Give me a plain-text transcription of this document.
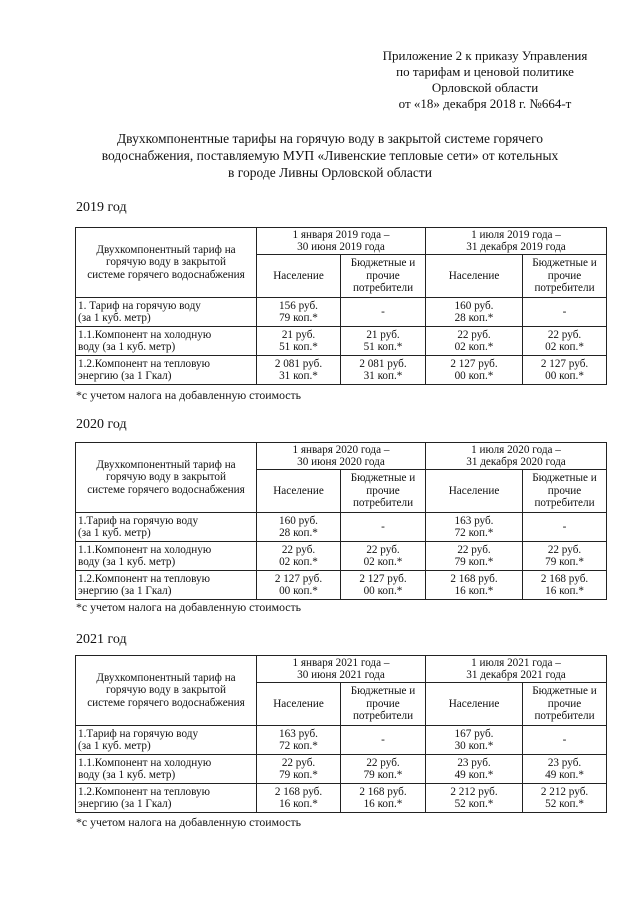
Приложение 2 к приказу Управления
по тарифам и ценовой политике
Орловской области
от «18» декабря 2018 г. №664-т
Двухкомпонентные тарифы на горячую воду в закрытой системе горячего
водоснабжения, поставляемую МУП «Ливенские тепловые сети» от котельных
в городе Ливны Орловской области
2019 год
Двухкомпонентный тариф на
горячую воду в закрытой
системе горячего водоснабжения	1 января 2019 года –
30 июня 2019 года		1 июля 2019 года –
31 декабря 2019 года	

	Население	Бюджетные и
прочие
потребители	Население	Бюджетные и
прочие
потребители

1. Тариф на горячую воду
(за 1 куб. метр)	156 руб.
79 коп.*	-	160 руб.
28 коп.*	-

1.1.Компонент на холодную
воду (за 1 куб. метр)	21 руб.
51 коп.*	21 руб.
51 коп.*	22 руб.
02 коп.*	22 руб.
02 коп.*

1.2.Компонент на тепловую
энергию (за 1 Гкал)	2 081 руб.
31 коп.*	2 081 руб.
31 коп.*	2 127 руб.
00 коп.*	2 127 руб.
00 коп.*
*с учетом налога на добавленную стоимость
2020 год
Двухкомпонентный тариф на
горячую воду в закрытой
системе горячего водоснабжения	1 января 2020 года –
30 июня 2020 года		1 июля 2020 года –
31 декабря 2020 года	

	Население	Бюджетные и
прочие
потребители	Население	Бюджетные и
прочие
потребители

1.Тариф на горячую воду
(за 1 куб. метр)	160 руб.
28 коп.*	-	163 руб.
72 коп.*	-

1.1.Компонент на холодную
воду (за 1 куб. метр)	22 руб.
02 коп.*	22 руб.
02 коп.*	22 руб.
79 коп.*	22 руб.
79 коп.*

1.2.Компонент на тепловую
энергию (за 1 Гкал)	2 127 руб.
00 коп.*	2 127 руб.
00 коп.*	2 168 руб.
16 коп.*	2 168 руб.
16 коп.*
*с учетом налога на добавленную стоимость
2021 год
Двухкомпонентный тариф на
горячую воду в закрытой
системе горячего водоснабжения	1 января 2021 года –
30 июня 2021 года		1 июля 2021 года –
31 декабря 2021 года	

	Население	Бюджетные и
прочие
потребители	Население	Бюджетные и
прочие
потребители

1.Тариф на горячую воду
(за 1 куб. метр)	163 руб.
72 коп.*	-	167 руб.
30 коп.*	-

1.1.Компонент на холодную
воду (за 1 куб. метр)	22 руб.
79 коп.*	22 руб.
79 коп.*	23 руб.
49 коп.*	23 руб.
49 коп.*

1.2.Компонент на тепловую
энергию (за 1 Гкал)	2 168 руб.
16 коп.*	2 168 руб.
16 коп.*	2 212 руб.
52 коп.*	2 212 руб.
52 коп.*
*с учетом налога на добавленную стоимость
